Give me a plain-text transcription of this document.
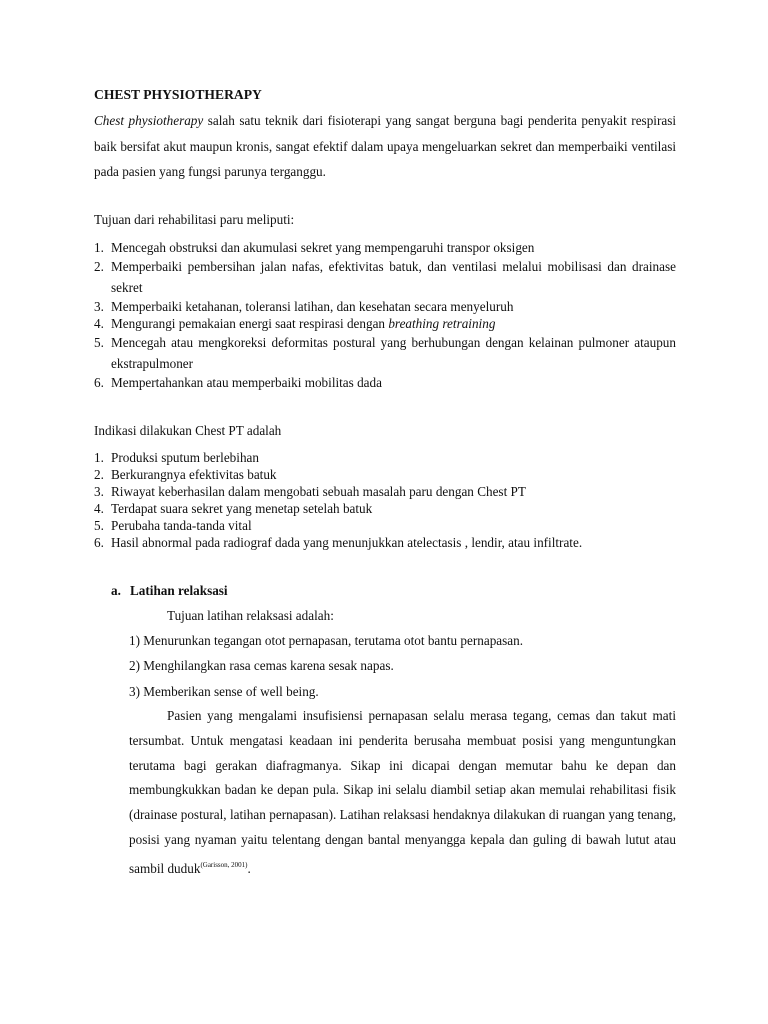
CHEST PHYSIOTHERAPY
Chest physiotherapy salah satu teknik dari fisioterapi yang sangat berguna bagi penderita penyakit respirasi baik bersifat akut maupun kronis, sangat efektif dalam upaya mengeluarkan sekret dan memperbaiki ventilasi pada pasien yang fungsi parunya terganggu.
Tujuan dari rehabilitasi paru meliputi:
1. Mencegah obstruksi dan akumulasi sekret yang mempengaruhi transpor oksigen
2. Memperbaiki pembersihan jalan nafas, efektivitas batuk, dan ventilasi melalui mobilisasi dan drainase sekret
3. Memperbaiki ketahanan, toleransi latihan, dan kesehatan secara menyeluruh
4. Mengurangi pemakaian energi saat respirasi dengan breathing retraining
5. Mencegah atau mengkoreksi deformitas postural yang berhubungan dengan kelainan pulmoner ataupun ekstrapulmoner
6. Mempertahankan atau memperbaiki mobilitas dada
Indikasi dilakukan Chest PT adalah
1. Produksi sputum berlebihan
2. Berkurangnya efektivitas batuk
3. Riwayat keberhasilan dalam mengobati sebuah masalah paru dengan Chest PT
4. Terdapat suara sekret yang menetap setelah batuk
5. Perubaha tanda-tanda vital
6. Hasil abnormal pada radiograf dada yang menunjukkan atelectasis , lendir, atau infiltrate.
a. Latihan relaksasi
Tujuan latihan relaksasi adalah:
1) Menurunkan tegangan otot pernapasan, terutama otot bantu pernapasan.
2) Menghilangkan rasa cemas karena sesak napas.
3) Memberikan sense of well being.
Pasien yang mengalami insufisiensi pernapasan selalu merasa tegang, cemas dan takut mati tersumbat. Untuk mengatasi keadaan ini penderita berusaha membuat posisi yang menguntungkan terutama bagi gerakan diafragmanya. Sikap ini dicapai dengan memutar bahu ke depan dan membungkukkan badan ke depan pula. Sikap ini selalu diambil setiap akan memulai rehabilitasi fisik (drainase postural, latihan pernapasan). Latihan relaksasi hendaknya dilakukan di ruangan yang tenang, posisi yang nyaman yaitu telentang dengan bantal menyangga kepala dan guling di bawah lutut atau sambil duduk$^{(Garisson, 2001)}$.
